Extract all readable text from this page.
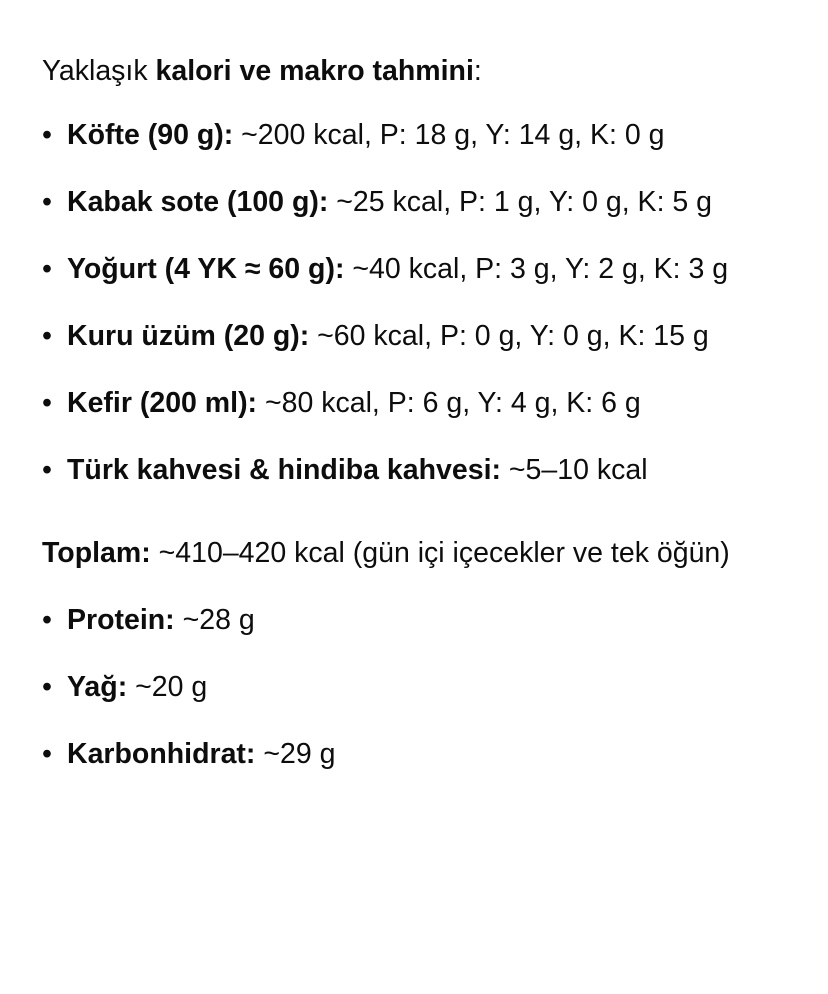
Yaklaşık kalori ve makro tahmini:

• Köfte (90 g): ~200 kcal, P: 18 g, Y: 14 g, K: 0 g
• Kabak sote (100 g): ~25 kcal, P: 1 g, Y: 0 g, K: 5 g
• Yoğurt (4 YK ≈ 60 g): ~40 kcal, P: 3 g, Y: 2 g, K: 3 g
• Kuru üzüm (20 g): ~60 kcal, P: 0 g, Y: 0 g, K: 15 g
• Kefir (200 ml): ~80 kcal, P: 6 g, Y: 4 g, K: 6 g
• Türk kahvesi & hindiba kahvesi: ~5–10 kcal

Toplam: ~410–420 kcal (gün içi içecekler ve tek öğün)

• Protein: ~28 g
• Yağ: ~20 g
• Karbonhidrat: ~29 g
